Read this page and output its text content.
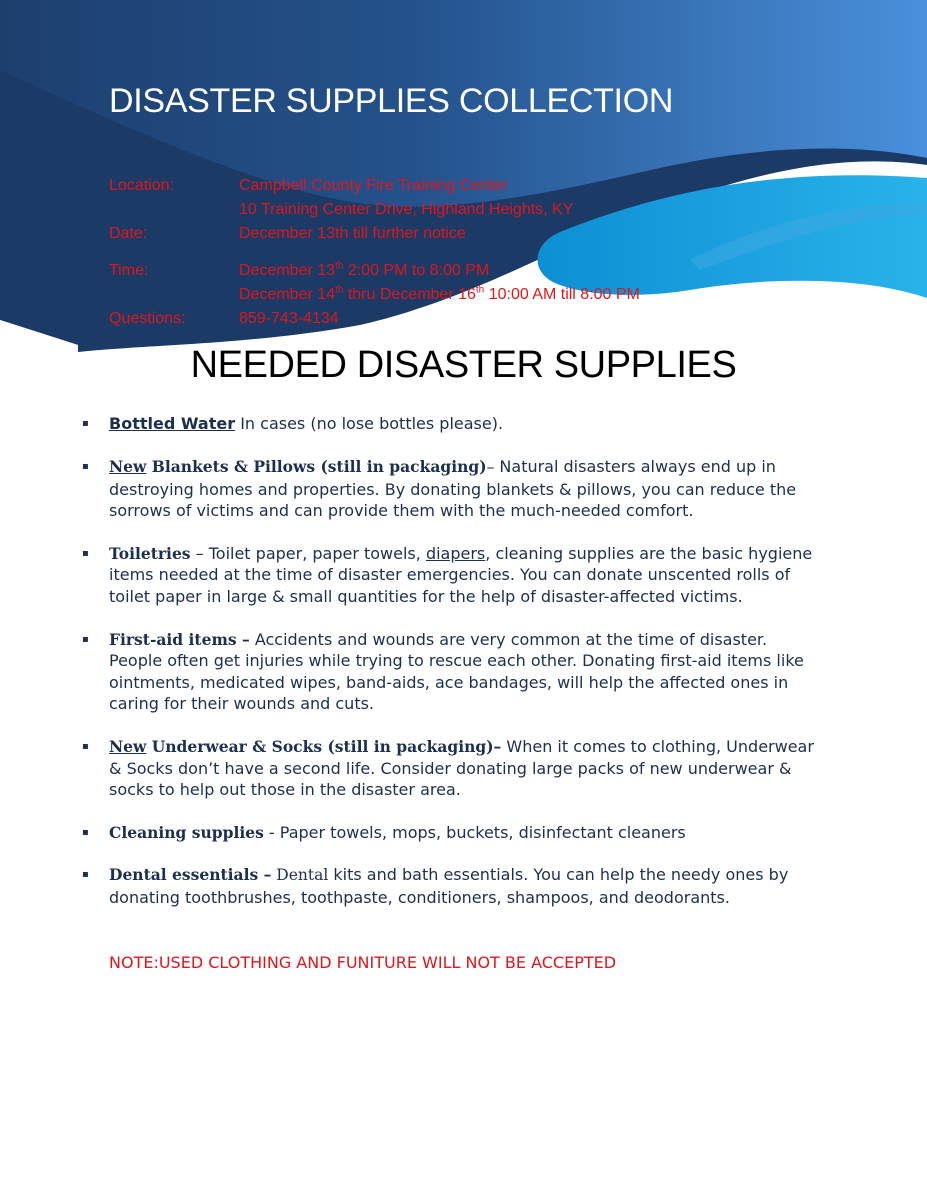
DISASTER SUPPLIES COLLECTION
Location:	Campbell County Fire Training Center
10 Training Center Drive, Highland Heights, KY
Date:	December 13th till further notice
Time:	December 13th 2:00 PM to 8:00 PM
December 14th thru December 16th 10:00 AM till 8:00 PM
Questions:	859-743-4134
NEEDED DISASTER SUPPLIES
▪ Bottled Water In cases (no lose bottles please).
▪ New Blankets & Pillows (still in packaging)– Natural disasters always end up in destroying homes and properties. By donating blankets & pillows, you can reduce the sorrows of victims and can provide them with the much-needed comfort.
▪ Toiletries – Toilet paper, paper towels, diapers, cleaning supplies are the basic hygiene items needed at the time of disaster emergencies. You can donate unscented rolls of toilet paper in large & small quantities for the help of disaster-affected victims.
▪ First-aid items – Accidents and wounds are very common at the time of disaster. People often get injuries while trying to rescue each other. Donating first-aid items like ointments, medicated wipes, band-aids, ace bandages, will help the affected ones in caring for their wounds and cuts.
▪ New Underwear & Socks (still in packaging)– When it comes to clothing, Underwear & Socks don’t have a second life. Consider donating large packs of new underwear & socks to help out those in the disaster area.
▪ Cleaning supplies - Paper towels, mops, buckets, disinfectant cleaners
▪ Dental essentials – Dental kits and bath essentials. You can help the needy ones by donating toothbrushes, toothpaste, conditioners, shampoos, and deodorants.
NOTE:USED CLOTHING AND FUNITURE WILL NOT BE ACCEPTED
